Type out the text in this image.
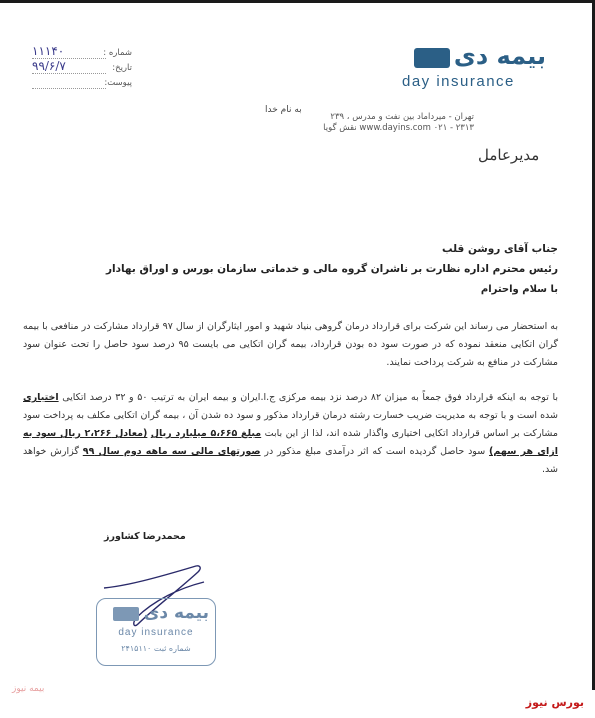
بیمه دی
day insurance
تهران - میرداماد بین نفت و مدرس ، ۲۳۹
www.dayins.com ۰۲۱ - ۲۳۱۳ نقش گویا
شماره :
۱۱۱۴۰
تاریخ:
۹۹/۶/۷
پیوست:
به نام خدا
مدیرعامل
جناب آقای روشن قلب
رئیس محترم اداره نظارت بر ناشران گروه مالی و خدماتی سازمان بورس و اوراق بهادار
با سلام واحترام
به استحضار می رساند این شرکت برای قرارداد درمان گروهی بنیاد شهید و امور ایثارگران از سال ۹۷ قرارداد مشارکت در منافعی با بیمه گران اتکایی منعقد نموده که در صورت سود ده بودن قرارداد، بیمه گران اتکایی می بایست ۹۵ درصد سود حاصل را تحت عنوان سود مشارکت در منافع به شرکت پرداخت نمایند.
با توجه به اینکه قرارداد فوق جمعاً به میزان ۸۲ درصد نزد بیمه مرکزی ج.ا.ایران و بیمه ایران به ترتیب ۵۰ و ۳۲ درصد اتکایی اختیاری شده است و با توجه به مدیریت ضریب خسارت رشته درمان قرارداد مذکور و سود ده شدن آن ، بیمه گران اتکایی مکلف به پرداخت سود مشارکت بر اساس قرارداد اتکایی اختیاری واگذار شده اند، لذا از این بابت مبلغ ۵،۶۶۵ میلیارد ریال (معادل ۲،۲۶۶ ریال سود به ازای هر سهم) سود حاصل گردیده است که اثر درآمدی مبلغ مذکور در صورتهای مالی سه ماهه دوم سال ۹۹ گزارش خواهد شد.
محمدرضا کشاورز
بیمه دی
day insurance
شماره ثبت ۲۴۱۵۱۱۰
بیمه نیوز
بورس نیوز
